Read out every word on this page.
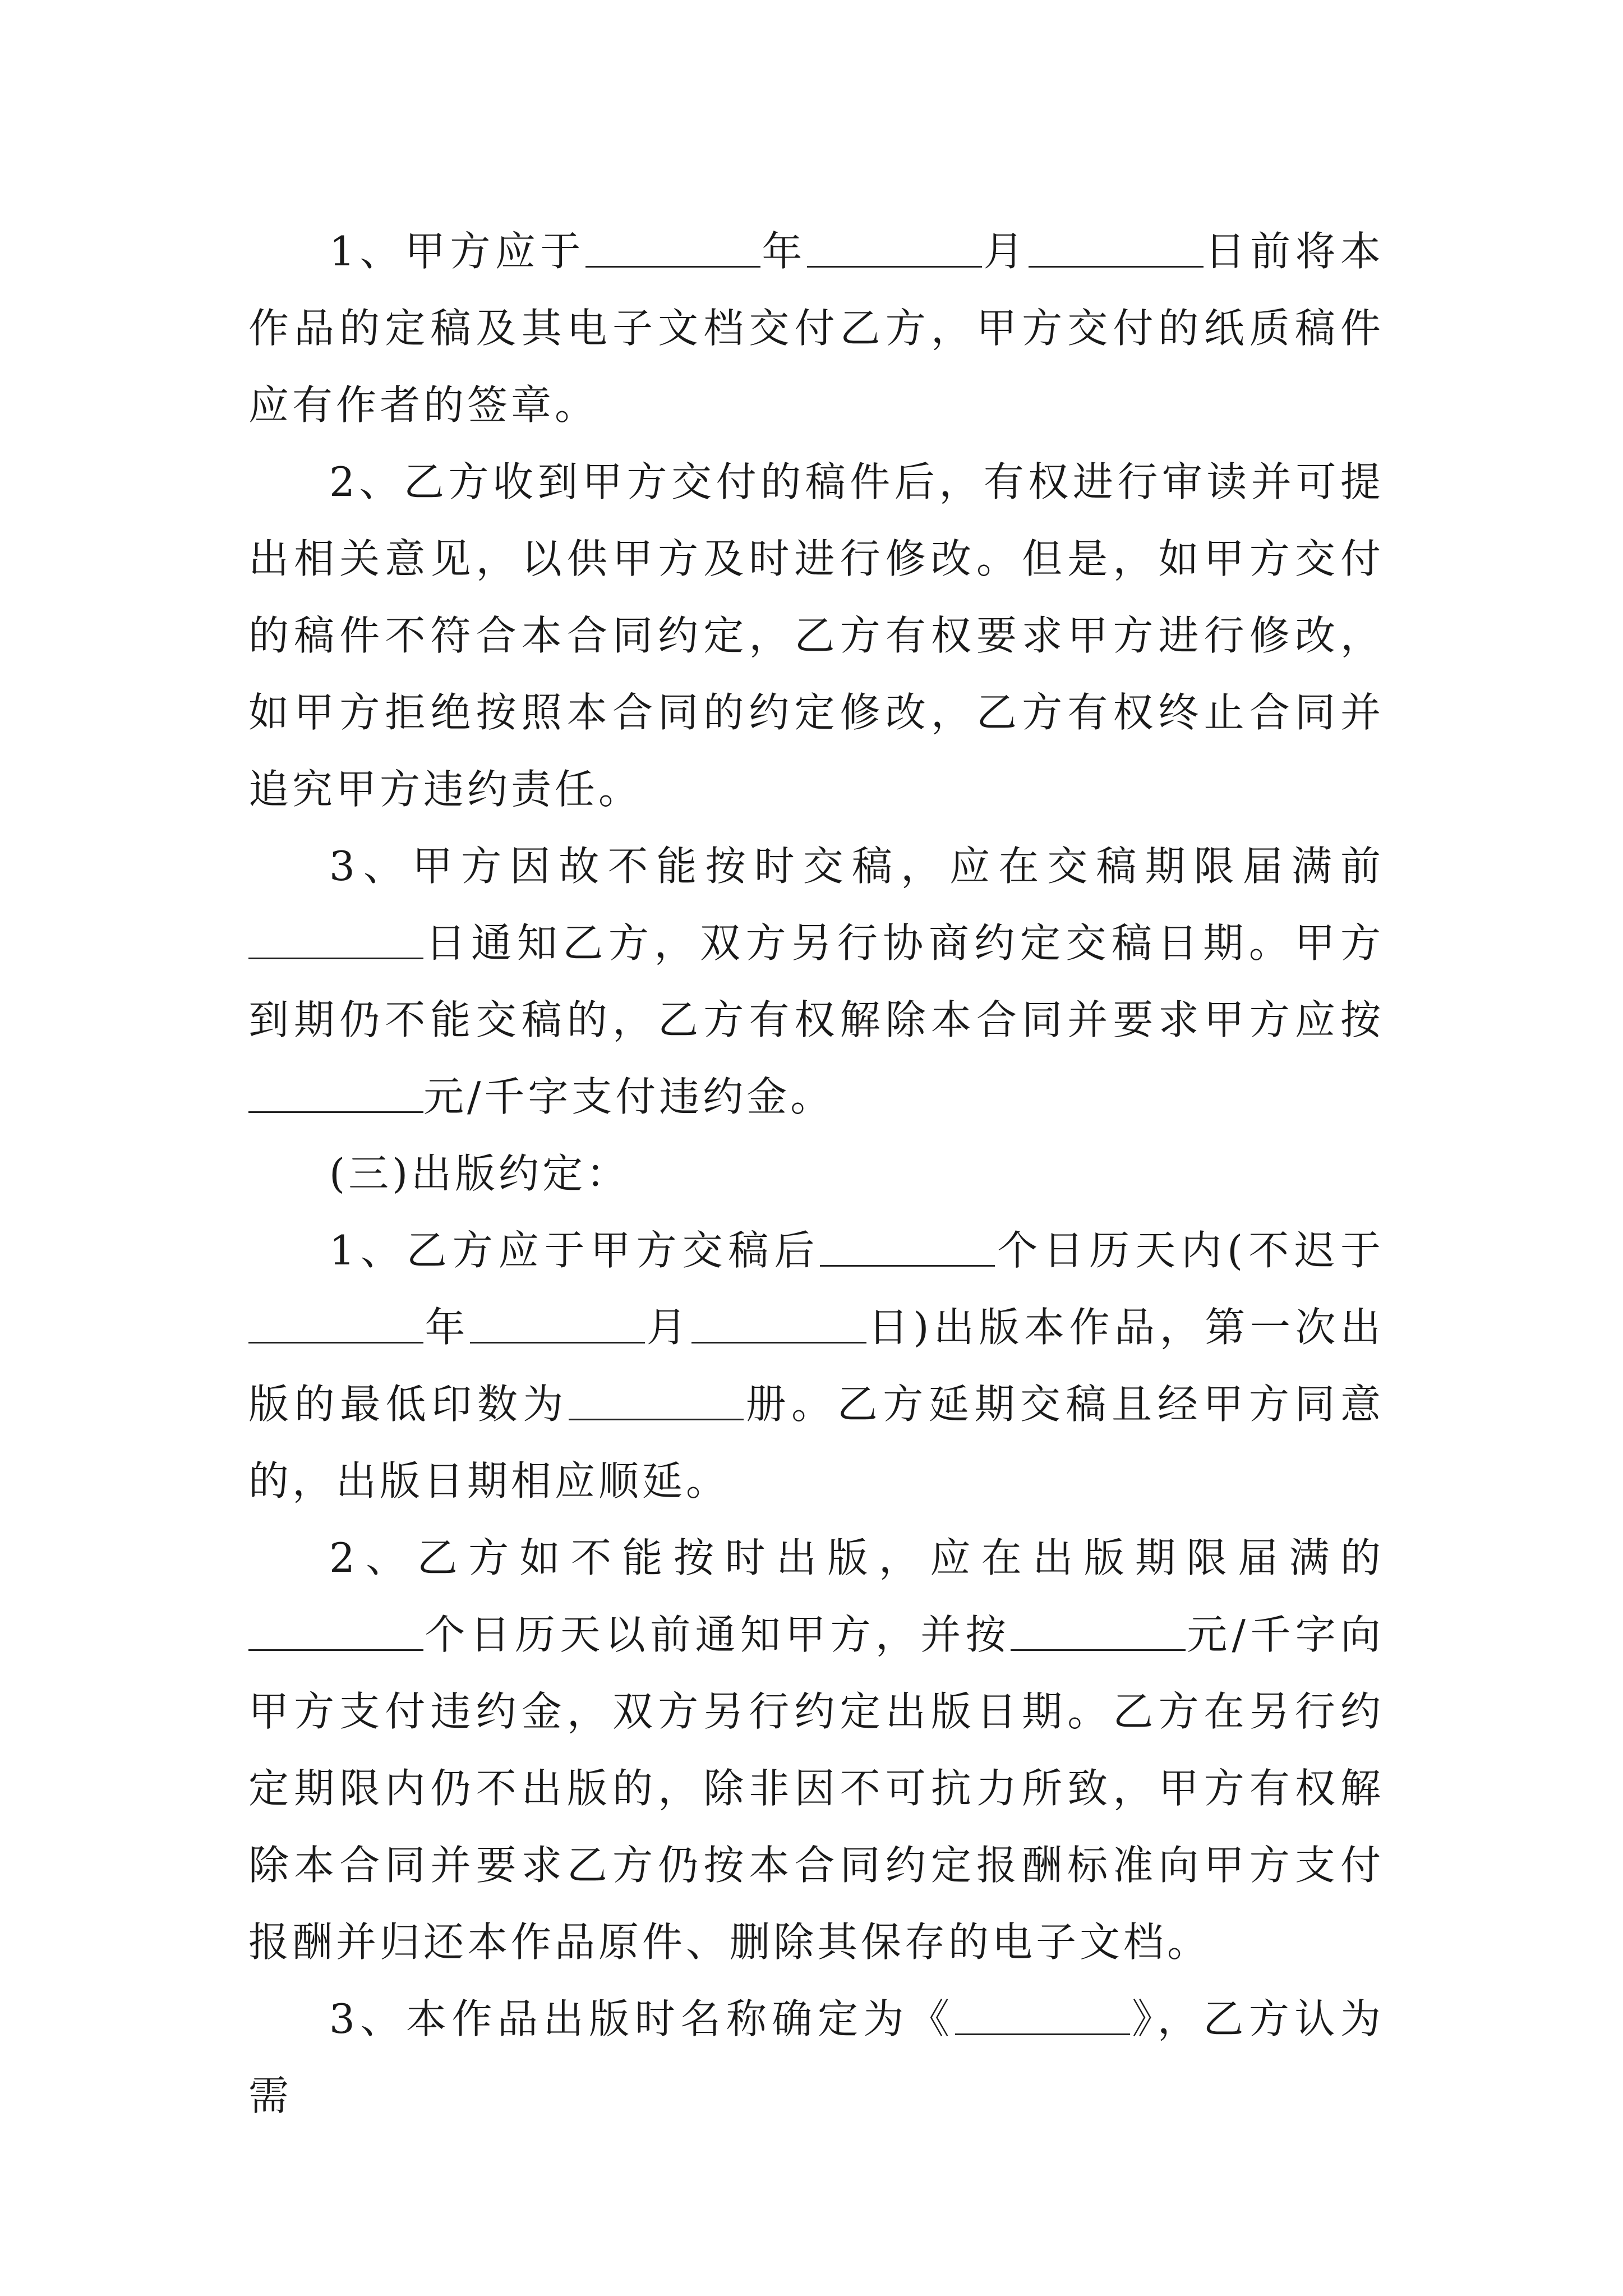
1、甲方应于	年	月	日前将本作品的定稿及其电子文档交付乙方，甲方交付的纸质稿件应有作者的签章。

2、乙方收到甲方交付的稿件后，有权进行审读并可提出相关意见，以供甲方及时进行修改。但是，如甲方交付的稿件不符合本合同约定，乙方有权要求甲方进行修改，如甲方拒绝按照本合同的约定修改，乙方有权终止合同并追究甲方违约责任。

3、甲方因故不能按时交稿，应在交稿期限届满前日通知乙方，双方另行协商约定交稿日期。甲方到期仍不能交稿的，乙方有权解除本合同并要求甲方应按元/千字支付违约金。

(三)出版约定：

1、乙方应于甲方交稿后	个日历天内(不迟于年	月	日)出版本作品，第一次出版的最低印数为	册。乙方延期交稿且经甲方同意的，出版日期相应顺延。

2、乙方如不能按时出版，应在出版期限届满的个日历天以前通知甲方，并按	元/千字向甲方支付违约金，双方另行约定出版日期。乙方在另行约定期限内仍不出版的，除非因不可抗力所致，甲方有权解除本合同并要求乙方仍按本合同约定报酬标准向甲方支付报酬并归还本作品原件、删除其保存的电子文档。

3、本作品出版时名称确定为《	》，乙方认为需
